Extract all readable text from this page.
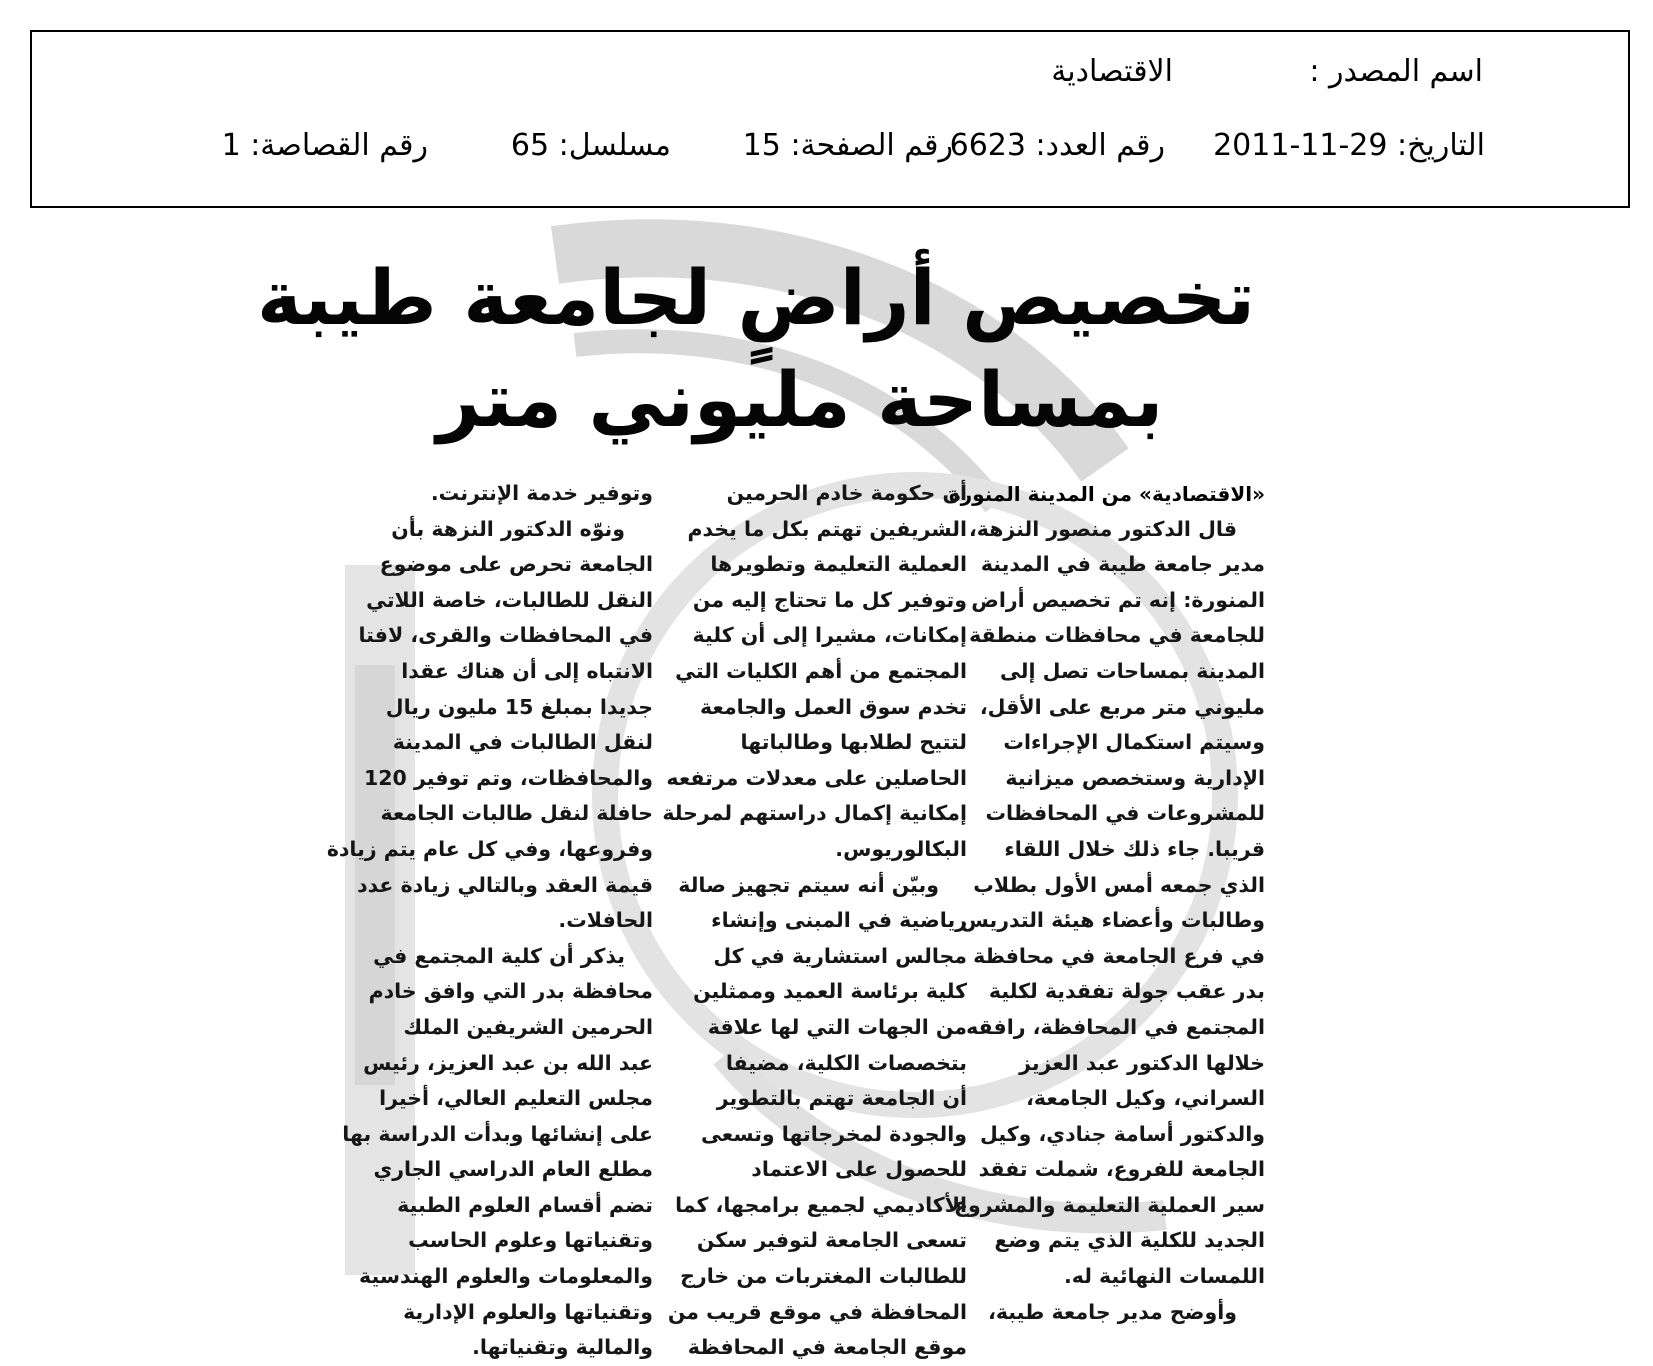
اسم المصدر :
الاقتصادية
التاريخ: 29-11-2011
رقم العدد: 6623
رقم الصفحة: 15
مسلسل: 65
رقم القصاصة: 1
تخصيص أراضٍ لجامعة طيبة
بمساحة مليوني متر
«الاقتصادية» من المدينة المنورة
قال الدكتور منصور النزهة،
مدير جامعة طيبة في المدينة
المنورة: إنه تم تخصيص أراض
للجامعة في محافظات منطقة
المدينة بمساحات تصل إلى
مليوني متر مربع على الأقل،
وسيتم استكمال الإجراءات
الإدارية وستخصص ميزانية
للمشروعات في المحافظات
قريبا. جاء ذلك خلال اللقاء
الذي جمعه أمس الأول بطلاب
وطالبات وأعضاء هيئة التدريس
في فرع الجامعة في محافظة
بدر عقب جولة تفقدية لكلية
المجتمع في المحافظة، رافقه
خلالها الدكتور عبد العزيز
السراني، وكيل الجامعة،
والدكتور أسامة جنادي، وكيل
الجامعة للفروع، شملت تفقد
سير العملية التعليمة والمشروع
الجديد للكلية الذي يتم وضع
اللمسات النهائية له.
وأوضح مدير جامعة طيبة،
أن حكومة خادم الحرمين
الشريفين تهتم بكل ما يخدم
العملية التعليمة وتطويرها
وتوفير كل ما تحتاج إليه من
إمكانات، مشيرا إلى أن كلية
المجتمع من أهم الكليات التي
تخدم سوق العمل والجامعة
لتتيح لطلابها وطالباتها
الحاصلين على معدلات مرتفعه
إمكانية إكمال دراستهم لمرحلة
البكالوريوس.
وبيّن أنه سيتم تجهيز صالة
رياضية في المبنى وإنشاء
مجالس استشارية في كل
كلية برئاسة العميد وممثلين
من الجهات التي لها علاقة
بتخصصات الكلية، مضيفا
أن الجامعة تهتم بالتطوير
والجودة لمخرجاتها وتسعى
للحصول على الاعتماد
الأكاديمي لجميع برامجها، كما
تسعى الجامعة لتوفير سكن
للطالبات المغتربات من خارج
المحافظة في موقع قريب من
موقع الجامعة في المحافظة
وتوفير خدمة الإنترنت.
ونوّه الدكتور النزهة بأن
الجامعة تحرص على موضوع
النقل للطالبات، خاصة اللاتي
في المحافظات والقرى، لافتا
الانتباه إلى أن هناك عقدا
جديدا بمبلغ 15 مليون ريال
لنقل الطالبات في المدينة
والمحافظات، وتم توفير 120
حافلة لنقل طالبات الجامعة
وفروعها، وفي كل عام يتم زيادة
قيمة العقد وبالتالي زيادة عدد
الحافلات.
يذكر أن كلية المجتمع في
محافظة بدر التي وافق خادم
الحرمين الشريفين الملك
عبد الله بن عبد العزيز، رئيس
مجلس التعليم العالي، أخيرا
على إنشائها وبدأت الدراسة بها
مطلع العام الدراسي الجاري
تضم أقسام العلوم الطبية
وتقنياتها وعلوم الحاسب
والمعلومات والعلوم الهندسية
وتقنياتها والعلوم الإدارية
والمالية وتقنياتها.
